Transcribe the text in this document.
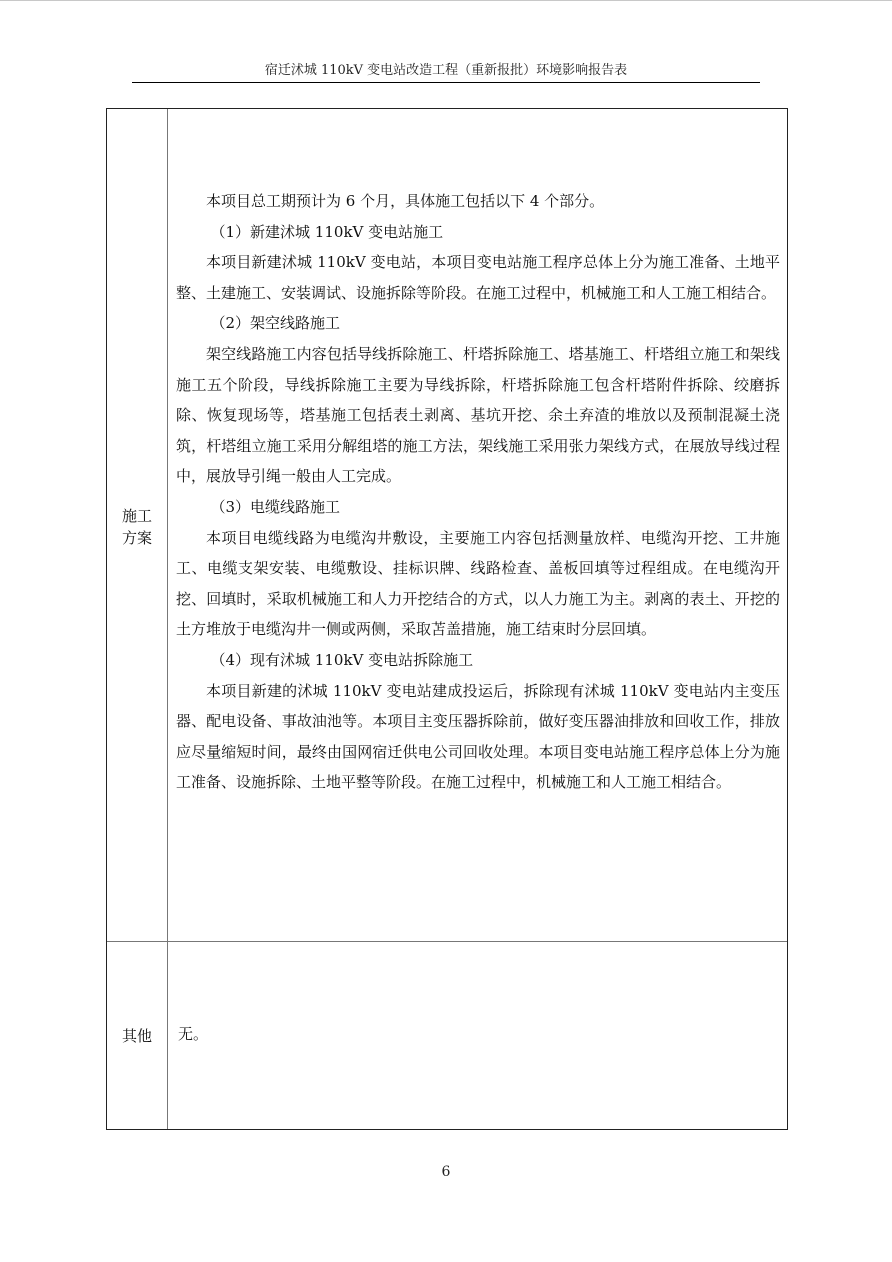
宿迁沭城 110kV 变电站改造工程（重新报批）环境影响报告表
施工
方案

本项目总工期预计为 6 个月，具体施工包括以下 4 个部分。

（1）新建沭城 110kV 变电站施工

本项目新建沭城 110kV 变电站，本项目变电站施工程序总体上分为施工准备、土地平整、土建施工、安装调试、设施拆除等阶段。在施工过程中，机械施工和人工施工相结合。

（2）架空线路施工

架空线路施工内容包括导线拆除施工、杆塔拆除施工、塔基施工、杆塔组立施工和架线施工五个阶段，导线拆除施工主要为导线拆除，杆塔拆除施工包含杆塔附件拆除、绞磨拆除、恢复现场等，塔基施工包括表土剥离、基坑开挖、余土弃渣的堆放以及预制混凝土浇筑，杆塔组立施工采用分解组塔的施工方法，架线施工采用张力架线方式，在展放导线过程中，展放导引绳一般由人工完成。

（3）电缆线路施工

本项目电缆线路为电缆沟井敷设，主要施工内容包括测量放样、电缆沟开挖、工井施工、电缆支架安装、电缆敷设、挂标识牌、线路检查、盖板回填等过程组成。在电缆沟开挖、回填时，采取机械施工和人力开挖结合的方式，以人力施工为主。剥离的表土、开挖的土方堆放于电缆沟井一侧或两侧，采取苫盖措施，施工结束时分层回填。

（4）现有沭城 110kV 变电站拆除施工

本项目新建的沭城 110kV 变电站建成投运后，拆除现有沭城 110kV 变电站内主变压器、配电设备、事故油池等。本项目主变压器拆除前，做好变压器油排放和回收工作，排放应尽量缩短时间，最终由国网宿迁供电公司回收处理。本项目变电站施工程序总体上分为施工准备、设施拆除、土地平整等阶段。在施工过程中，机械施工和人工施工相结合。

其他	无。
6
